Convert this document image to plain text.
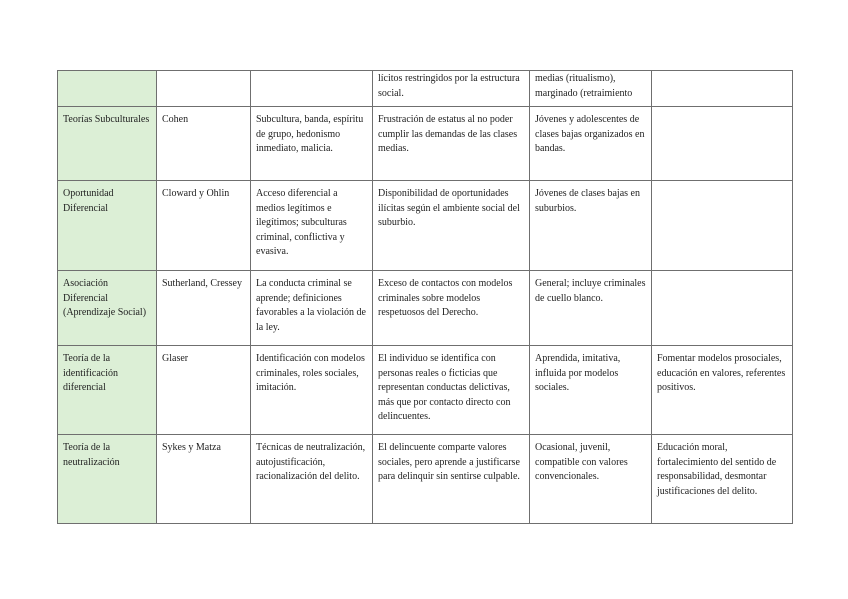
			lícitos restringidos por la estructura social.	medias (ritualismo), marginado (retraimiento	
Teorías Subculturales	Cohen	Subcultura, banda, espíritu de grupo, hedonismo inmediato, malicia.	Frustración de estatus al no poder cumplir las demandas de las clases medias.	Jóvenes y adolescentes de clases bajas organizados en bandas.	
Oportunidad Diferencial	Cloward y Ohlin	Acceso diferencial a medios legítimos e ilegítimos; subculturas criminal, conflictiva y evasiva.	Disponibilidad de oportunidades ilícitas según el ambiente social del suburbio.	Jóvenes de clases bajas en suburbios.	
Asociación Diferencial (Aprendizaje Social)	Sutherland, Cressey	La conducta criminal se aprende; definiciones favorables a la violación de la ley.	Exceso de contactos con modelos criminales sobre modelos respetuosos del Derecho.	General; incluye criminales de cuello blanco.	
Teoría de la identificación diferencial	Glaser	Identificación con modelos criminales, roles sociales, imitación.	El individuo se identifica con personas reales o ficticias que representan conductas delictivas, más que por contacto directo con delincuentes.	Aprendida, imitativa, influida por modelos sociales.	Fomentar modelos prosociales, educación en valores, referentes positivos.
Teoría de la neutralización	Sykes y Matza	Técnicas de neutralización, autojustificación, racionalización del delito.	El delincuente comparte valores sociales, pero aprende a justificarse para delinquir sin sentirse culpable.	Ocasional, juvenil, compatible con valores convencionales.	Educación moral, fortalecimiento del sentido de responsabilidad, desmontar justificaciones del delito.
